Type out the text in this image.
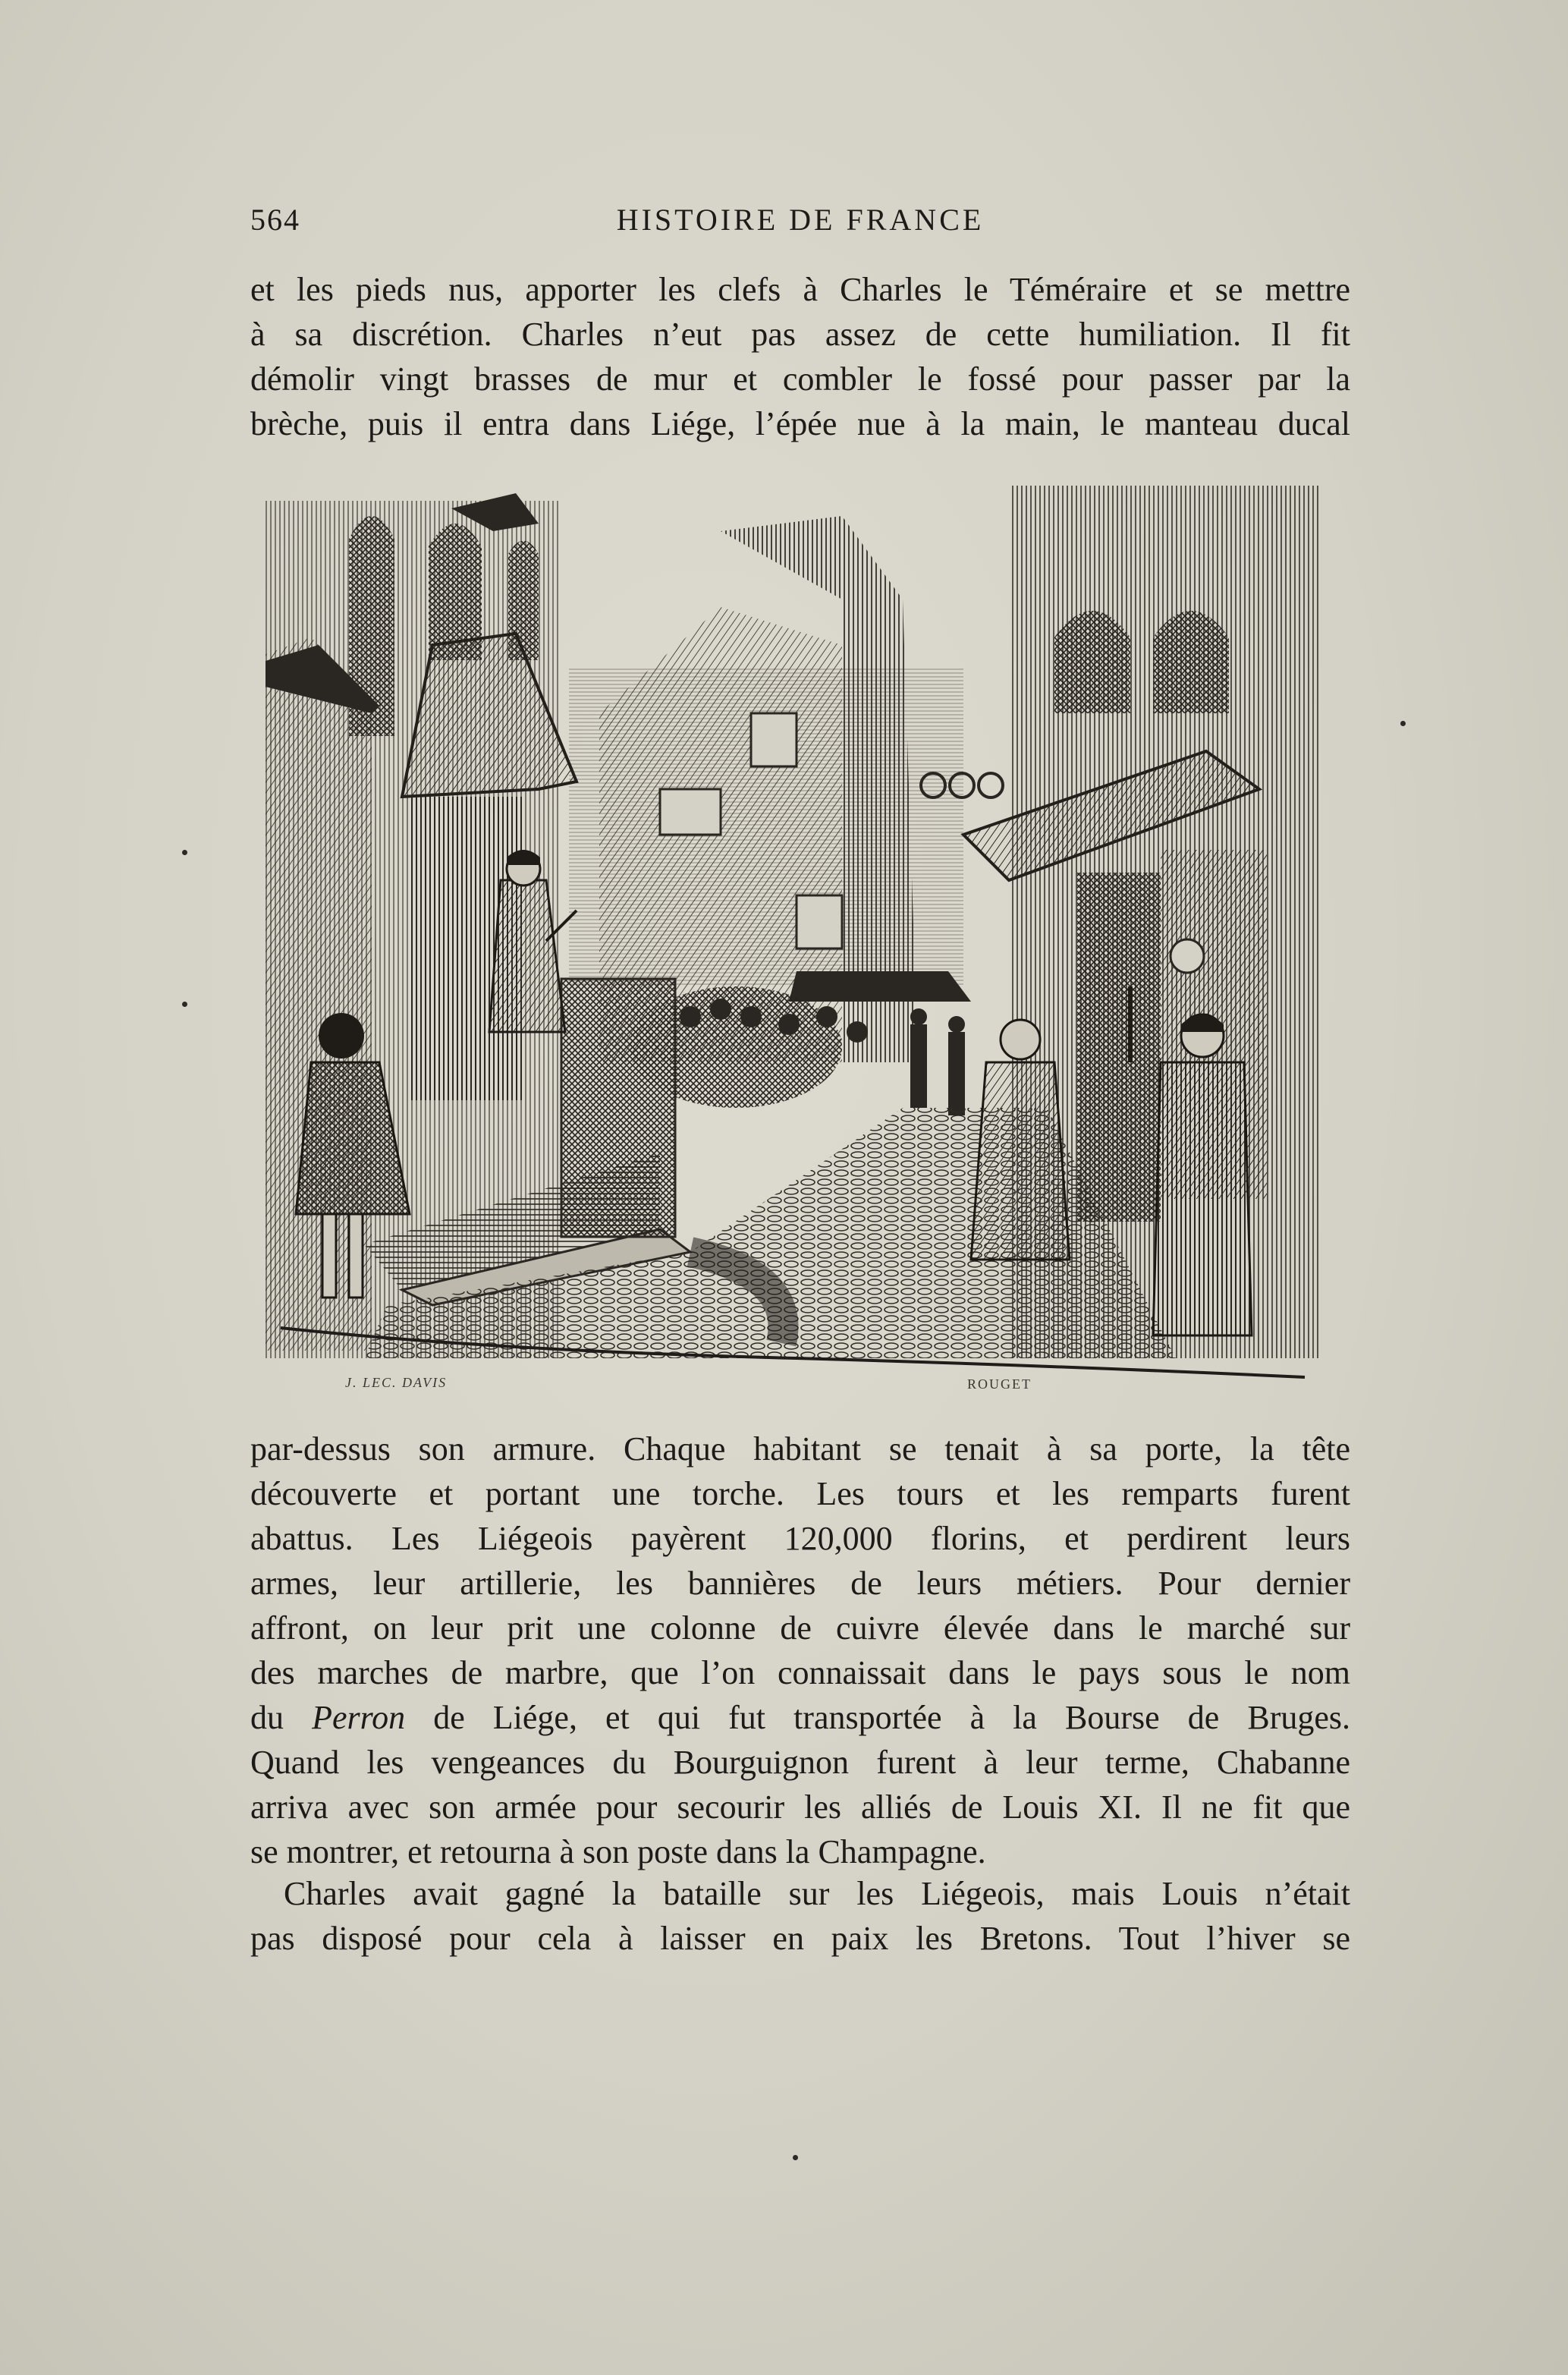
564	HISTOIRE DE FRANCE
et les pieds nus, apporter les clefs à Charles le Téméraire et se mettre
à sa discrétion. Charles n’eut pas assez de cette humiliation. Il fit
démolir vingt brasses de mur et combler le fossé pour passer par la
brèche, puis il entra dans Liége, l’épée nue à la main, le manteau ducal
J. LEC. DAVIS	ROUGET
par-dessus son armure. Chaque habitant se tenait à sa porte, la tête
découverte et portant une torche. Les tours et les remparts furent
abattus. Les Liégeois payèrent 120,000 florins, et perdirent leurs
armes, leur artillerie, les bannières de leurs métiers. Pour dernier
affront, on leur prit une colonne de cuivre élevée dans le marché sur
des marches de marbre, que l’on connaissait dans le pays sous le nom
du Perron de Liége, et qui fut transportée à la Bourse de Bruges.
Quand les vengeances du Bourguignon furent à leur terme, Chabanne
arriva avec son armée pour secourir les alliés de Louis XI. Il ne fit que
se montrer, et retourna à son poste dans la Champagne.
Charles avait gagné la bataille sur les Liégeois, mais Louis n’était
pas disposé pour cela à laisser en paix les Bretons. Tout l’hiver se
